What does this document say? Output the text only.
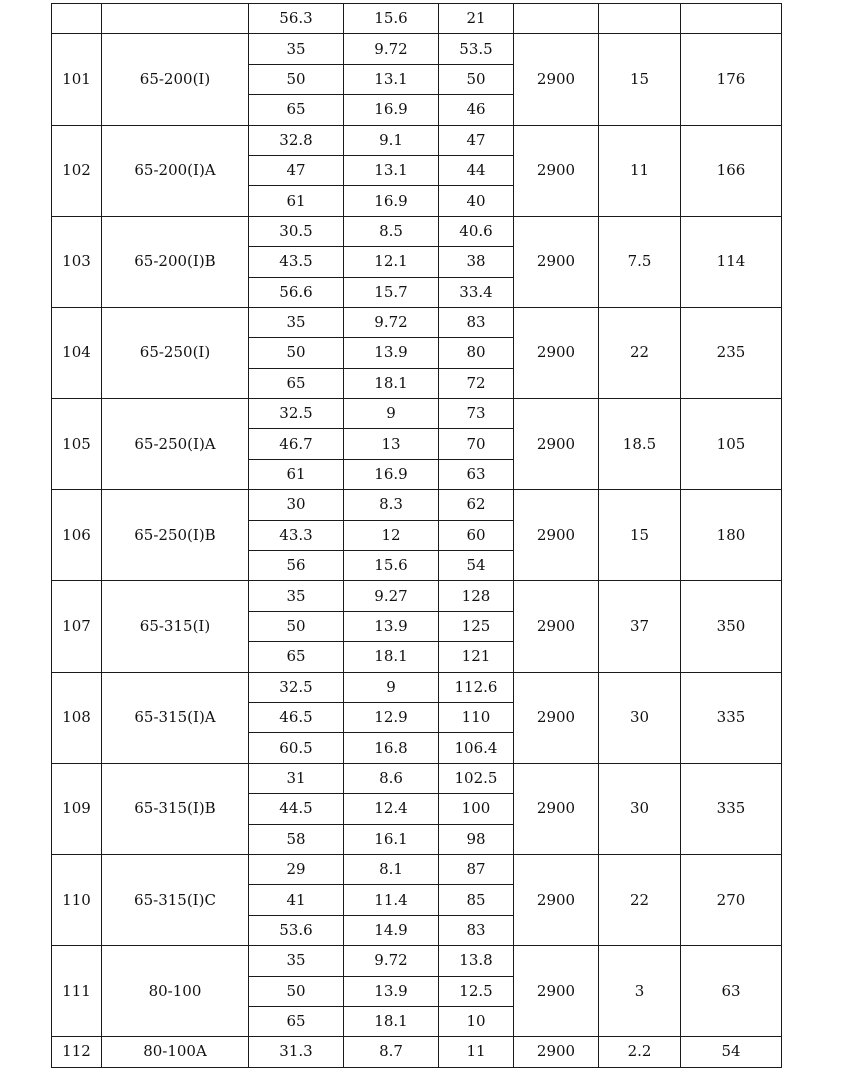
		56.3	15.6	21			
101	65-200(I)	35	9.72	53.5	2900	15	176
		50	13.1	50			
		65	16.9	46			
102	65-200(I)A	32.8	9.1	47	2900	11	166
		47	13.1	44			
		61	16.9	40			
103	65-200(I)B	30.5	8.5	40.6	2900	7.5	114
		43.5	12.1	38			
		56.6	15.7	33.4			
104	65-250(I)	35	9.72	83	2900	22	235
		50	13.9	80			
		65	18.1	72			
105	65-250(I)A	32.5	9	73	2900	18.5	105
		46.7	13	70			
		61	16.9	63			
106	65-250(I)B	30	8.3	62	2900	15	180
		43.3	12	60			
		56	15.6	54			
107	65-315(I)	35	9.27	128	2900	37	350
		50	13.9	125			
		65	18.1	121			
108	65-315(I)A	32.5	9	112.6	2900	30	335
		46.5	12.9	110			
		60.5	16.8	106.4			
109	65-315(I)B	31	8.6	102.5	2900	30	335
		44.5	12.4	100			
		58	16.1	98			
110	65-315(I)C	29	8.1	87	2900	22	270
		41	11.4	85			
		53.6	14.9	83			
111	80-100	35	9.72	13.8	2900	3	63
		50	13.9	12.5			
		65	18.1	10			
112	80-100A	31.3	8.7	11	2900	2.2	54
